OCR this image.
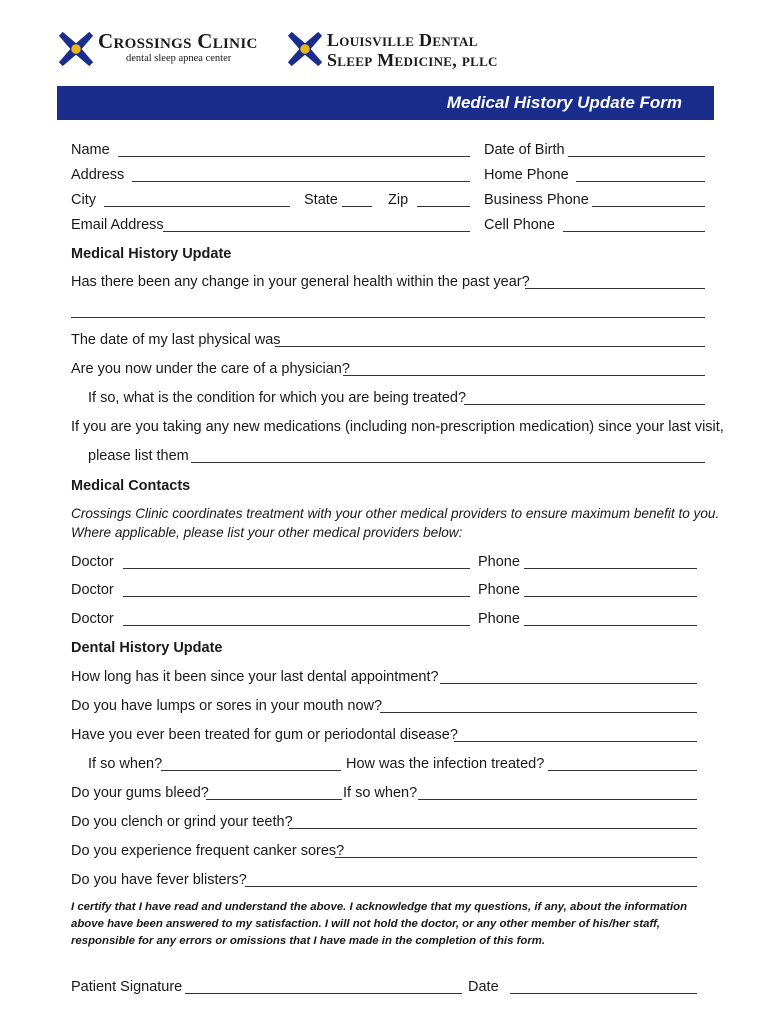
Crossings Clinic
dental sleep apnea center
Louisville Dental
Sleep Medicine, pllc
Medical History Update Form
Name	Date of Birth
Address	Home Phone
City	State	Zip	Business Phone
Email Address	Cell Phone
Medical History Update
Has there been any change in your general health within the past year?
The date of my last physical was
Are you now under the care of a physician?
If so, what is the condition for which you are being treated?
If you are you taking any new medications (including non-prescription medication) since your last visit,
please list them
Medical Contacts
Crossings Clinic coordinates treatment with your other medical providers to ensure maximum benefit to you.
Where applicable, please list your other medical providers below:
Doctor	Phone
Doctor	Phone
Doctor	Phone
Dental History Update
How long has it been since your last dental appointment?
Do you have lumps or sores in your mouth now?
Have you ever been treated for gum or periodontal disease?
If so when?	How was the infection treated?
Do your gums bleed?	If so when?
Do you clench or grind your teeth?
Do you experience frequent canker sores?
Do you have fever blisters?
I certify that I have read and understand the above. I acknowledge that my questions, if any, about the information above have been answered to my satisfaction. I will not hold the doctor, or any other member of his/her staff, responsible for any errors or omissions that I have made in the completion of this form.
Patient Signature	Date
